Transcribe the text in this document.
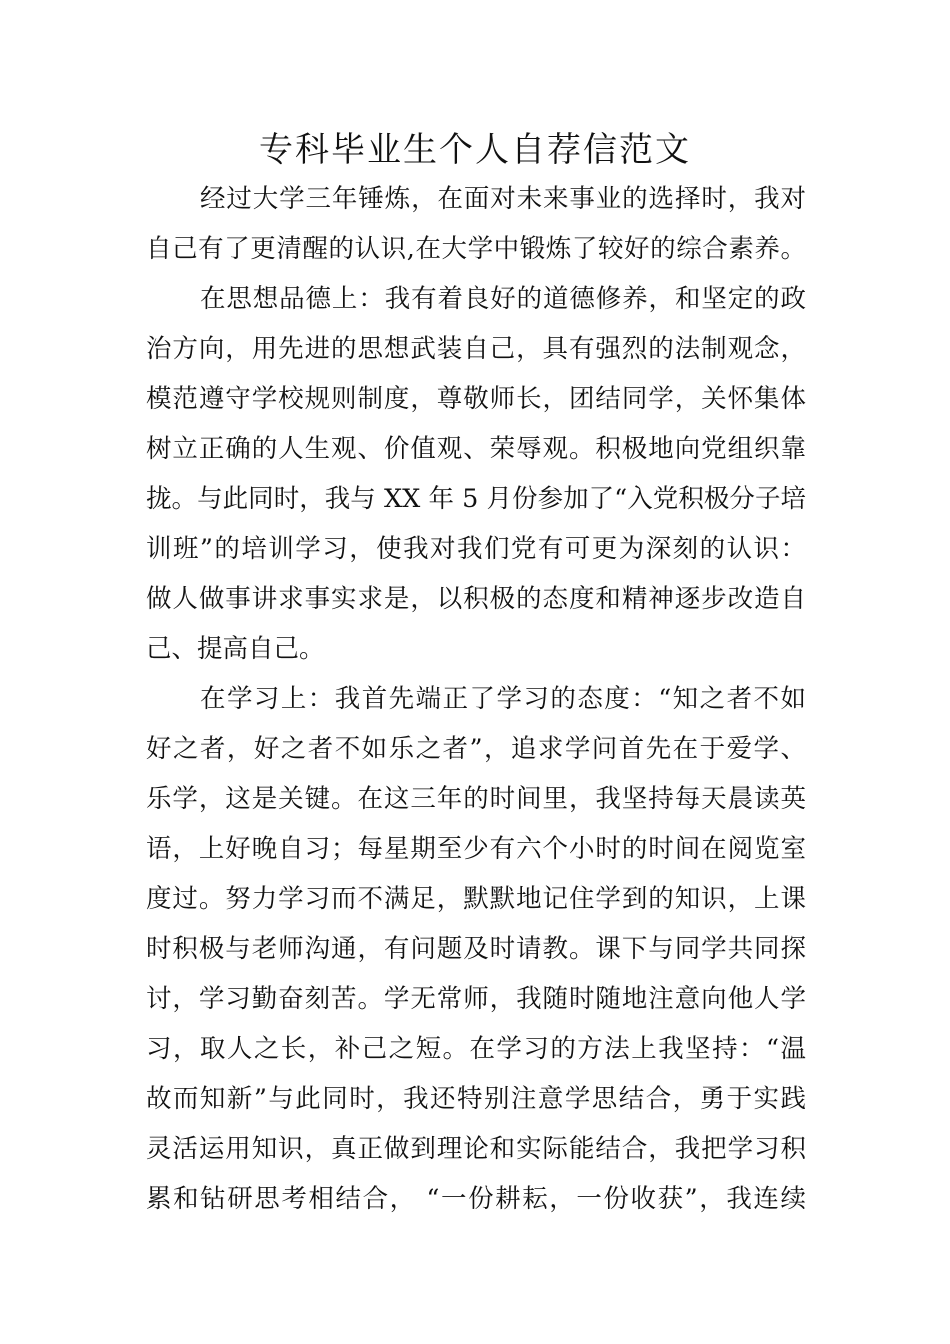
专科毕业生个人自荐信范文
经过大学三年锤炼，在面对未来事业的选择时，我对
自己有了更清醒的认识,在大学中锻炼了较好的综合素养。
在思想品德上：我有着良好的道德修养，和坚定的政
治方向，用先进的思想武装自己，具有强烈的法制观念，
模范遵守学校规则制度，尊敬师长，团结同学，关怀集体
树立正确的人生观、价值观、荣辱观。积极地向党组织靠
拢。与此同时，我与 XX 年 5 月份参加了“入党积极分子培
训班”的培训学习，使我对我们党有可更为深刻的认识：
做人做事讲求事实求是，以积极的态度和精神逐步改造自
己、提高自己。
在学习上：我首先端正了学习的态度：“知之者不如
好之者，好之者不如乐之者”，追求学问首先在于爱学、
乐学，这是关键。在这三年的时间里，我坚持每天晨读英
语，上好晚自习；每星期至少有六个小时的时间在阅览室
度过。努力学习而不满足，默默地记住学到的知识，上课
时积极与老师沟通，有问题及时请教。课下与同学共同探
讨，学习勤奋刻苦。学无常师，我随时随地注意向他人学
习，取人之长，补己之短。在学习的方法上我坚持：“温
故而知新”与此同时，我还特别注意学思结合，勇于实践
灵活运用知识，真正做到理论和实际能结合，我把学习积
累和钻研思考相结合， “一份耕耘，一份收获”，我连续
